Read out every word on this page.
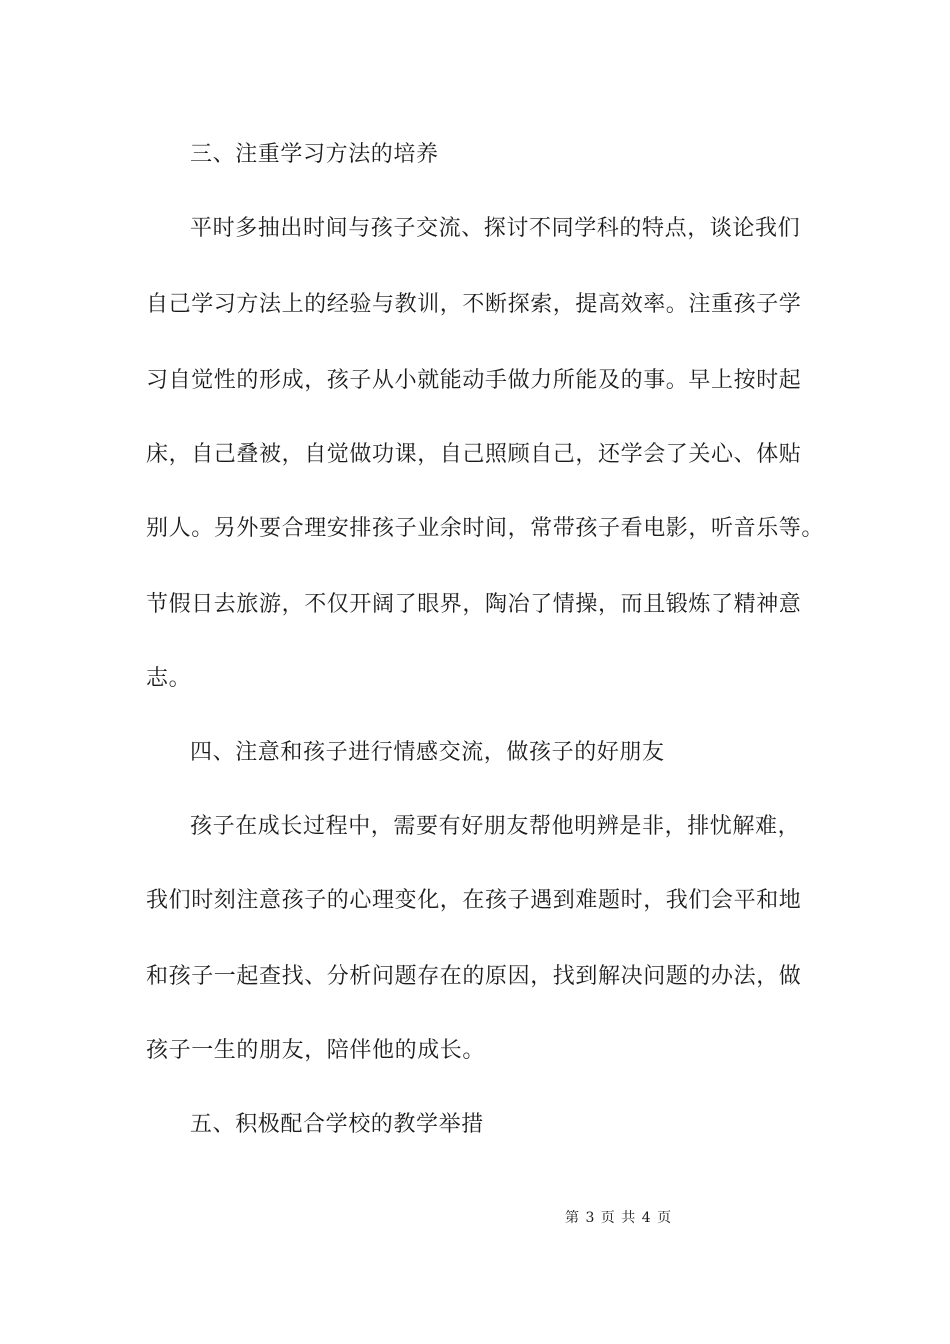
三、注重学习方法的培养
平时多抽出时间与孩子交流、探讨不同学科的特点，谈论我们
自己学习方法上的经验与教训，不断探索，提高效率。注重孩子学
习自觉性的形成，孩子从小就能动手做力所能及的事。早上按时起
床，自己叠被，自觉做功课，自己照顾自己，还学会了关心、体贴
别人。另外要合理安排孩子业余时间，常带孩子看电影，听音乐等。
节假日去旅游，不仅开阔了眼界，陶冶了情操，而且锻炼了精神意
志。
四、注意和孩子进行情感交流，做孩子的好朋友
孩子在成长过程中，需要有好朋友帮他明辨是非，排忧解难，
我们时刻注意孩子的心理变化，在孩子遇到难题时，我们会平和地
和孩子一起查找、分析问题存在的原因，找到解决问题的办法，做
孩子一生的朋友，陪伴他的成长。
五、积极配合学校的教学举措
第 3 页 共 4 页
